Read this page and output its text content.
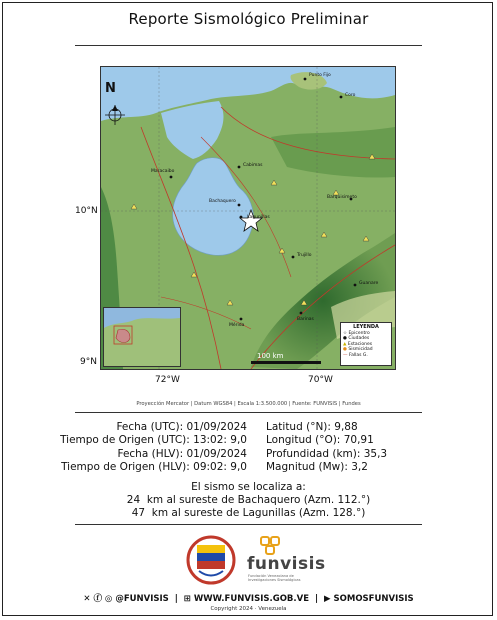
Reporte Sismológico Preliminar
N
Punto Fijo
Coro
Maracaibo
Cabimas
Lagunillas
Bachaquero
Barquisimeto
Trujillo
Guanare
Barinas
Mérida
100 km
LEYENDA
☆ Epicentro
● Ciudades
▲ Estaciones
● Sismicidad
— Fallas G.
10°N
9°N
72°W	70°W
Proyección Mercator | Datum WGS84 | Escala 1:3.500.000 | Fuente: FUNVISIS | Fundes
Fecha (UTC): 01/09/2024
Tiempo de Origen (UTC): 13:02: 9,0
Fecha (HLV): 01/09/2024
Tiempo de Origen (HLV): 09:02: 9,0
Latitud (°N): 9,88
Longitud (°O): 70,91
Profundidad (km): 35,3
Magnitud (Mw): 3,2
El sismo se localiza a:
24 km al sureste de Bachaquero (Azm. 112.°)
47 km al sureste de Lagunillas (Azm. 128.°)
funvisis
Fundación Venezolana de Investigaciones Sismológicas
✕ ⓕ ◎ @FUNVISIS  |  ⊞ WWW.FUNVISIS.GOB.VE  |  ▶ SOMOSFUNVISIS
Copyright 2024 · Venezuela
